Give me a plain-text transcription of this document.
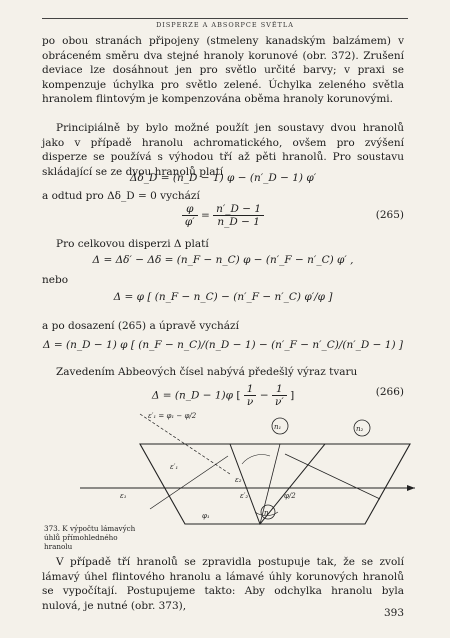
DISPERZE A ABSORPCE SVĚTLA
po obou stranách připojeny (stmeleny kanadským balzámem) v obráceném směru dva stejné hranoly korunové (obr. 372). Zrušení deviace lze dosáhnout jen pro světlo určité barvy; v praxi se kompenzuje úchylka pro světlo zelené. Úchylka zeleného světla hranolem flintovým je kompenzována oběma hranoly korunovými.
Principiálně by bylo možné použít jen soustavy dvou hranolů jako v případě hranolu achromatického, ovšem pro zvýšení disperze se používá s výhodou tří až pěti hranolů. Pro soustavu skládající se ze dvou hranolů platí
Δδ_D = (n_D − 1) φ − (n′_D − 1) φ′
a odtud pro Δδ_D = 0 vychází
$\frac{\varphi}{\varphi'} = \frac{n'\_D - 1}{n\_D - 1}$	(265)
Pro celkovou disperzi Δ platí
Δ = Δδ′ − Δδ = (n_F − n_C) φ − (n′_F − n′_C) φ′ ,
nebo
Δ = φ [ (n_F − n_C) − (n′_F − n′_C) φ′/φ ]
a po dosazení (265) a úpravě vychází
Δ = (n_D − 1) φ [ (n_F − n_C)/(n_D − 1) − (n′_F − n′_C)/(n′_D − 1) ]
Zavedením Abbeových čísel nabývá předešlý výraz tvaru
Δ = (n_D − 1)φ [ $\frac{1}{\nu} - \frac{1}{\nu'}$ ]	(266)
n₁	n₂
n
ε′₁ = φ₁ − φ/2
ε₁
ε′₁
ε₂
ε′₂	φ/2
φ₁
373. K výpočtu lámavých úhlů přímohledného hranolu
V případě tří hranolů se zpravidla postupuje tak, že se zvolí lámavý úhel flintového hranolu a lámavé úhly korunových hranolů se vypočítají. Postupujeme takto: Aby odchylka hranolu byla nulová, je nutné (obr. 373),
393
